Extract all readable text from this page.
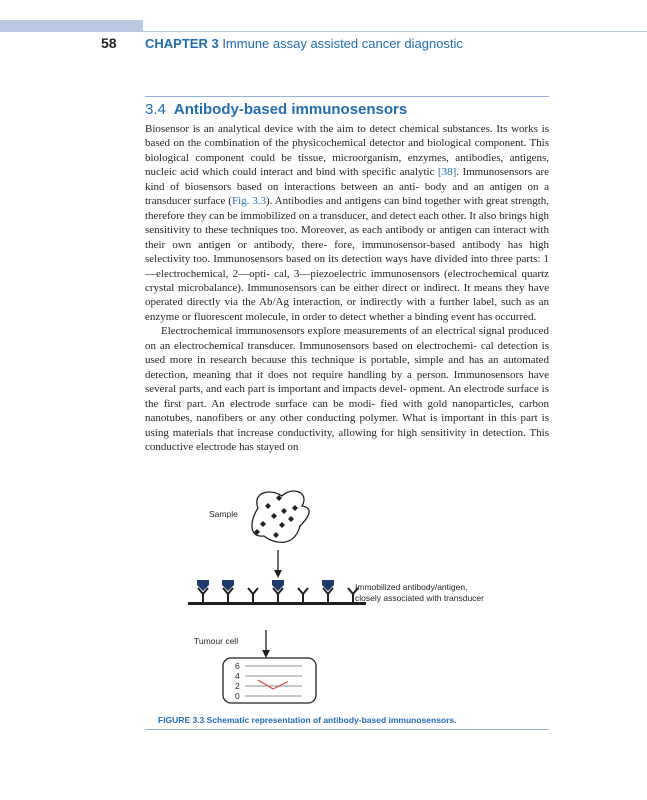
58 CHAPTER 3 Immune assay assisted cancer diagnostic
3.4 Antibody-based immunosensors

Biosensor is an analytical device with the aim to detect chemical substances. Its works is based on the combination of the physicochemical detector and biological component. This biological component could be tissue, microorganism, enzymes, antibodies, antigens, nucleic acid which could interact and bind with specific analytic [38]. Immunosensors are kind of biosensors based on interactions between an anti- body and an antigen on a transducer surface (Fig. 3.3). Antibodies and antigens can bind together with great strength, therefore they can be immobilized on a transducer, and detect each other. It also brings high sensitivity to these techniques too. Moreover, as each antibody or antigen can interact with their own antigen or antibody, there- fore, immunosensor-based antibody has high selectivity too. Immunosensors based on its detection ways have divided into three parts: 1—electrochemical, 2—opti- cal, 3—piezoelectric immunosensors (electrochemical quartz crystal microbalance). Immunosensors can be either direct or indirect. It means they have operated directly via the Ab/Ag interaction, or indirectly with a further label, such as an enzyme or fluorescent molecule, in order to detect whether a binding event has occurred.

Electrochemical immunosensors explore measurements of an electrical signal produced on an electrochemical transducer. Immunosensors based on electrochemi- cal detection is used more in research because this technique is portable, simple and has an automated detection, meaning that it does not require handling by a person. Immunosensors have several parts, and each part is important and impacts devel- opment. An electrode surface is the first part. An electrode surface can be modi- fied with gold nanoparticles, carbon nanotubes, nanofibers or any other conducting polymer. What is important in this part is using materials that increase conductivity, allowing for high sensitivity in detection. This conductive electrode has stayed on

Sample
Immobilized antibody/antigen,
closely associated with transducer
Tumour cell
6
4
2
0
FIGURE 3.3 Schematic representation of antibody-based immunosensors.
